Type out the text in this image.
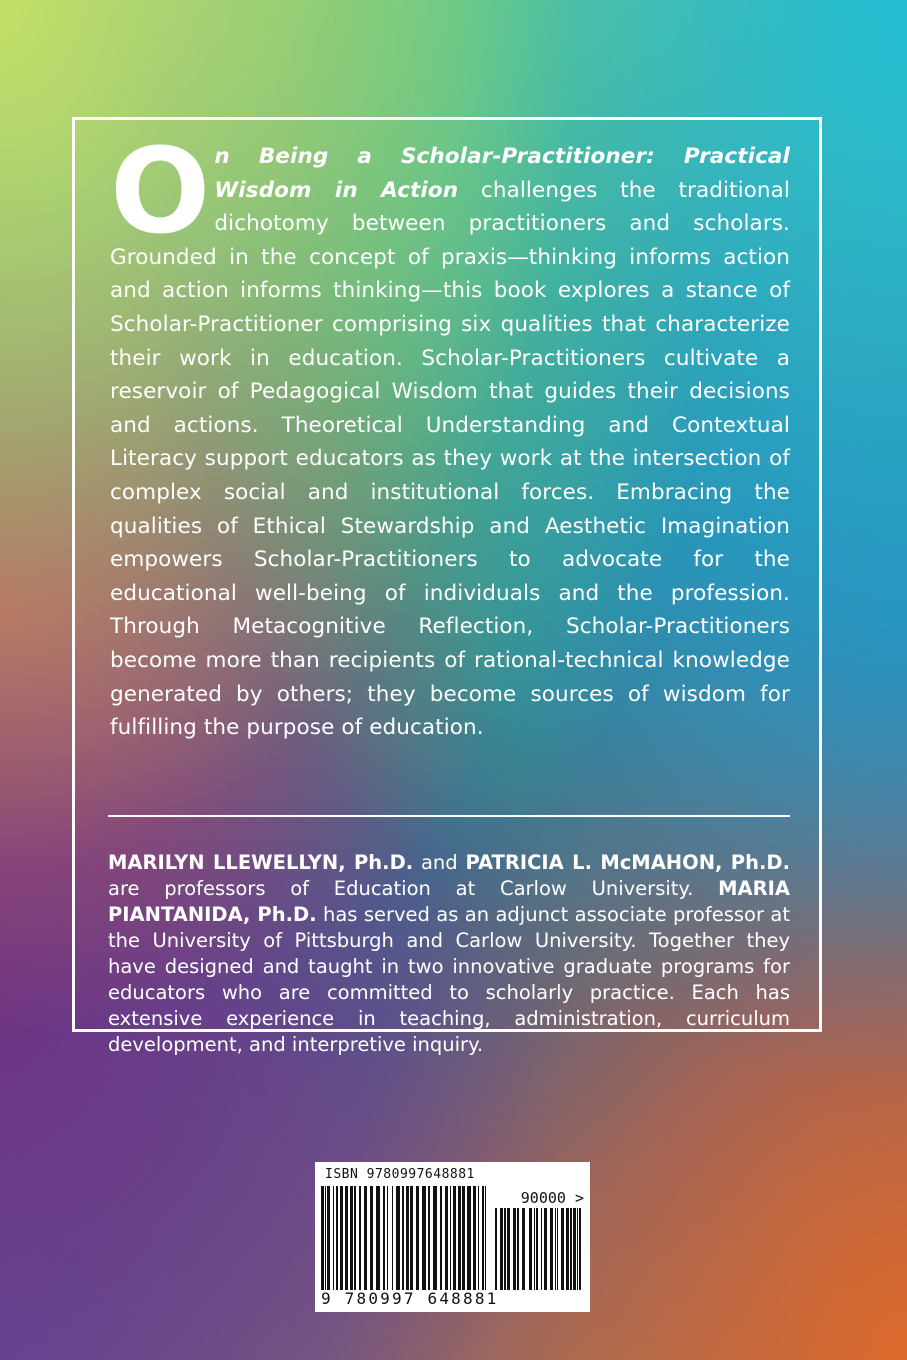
On Being a Scholar-Practitioner: Practical Wisdom in Action challenges the traditional dichotomy between practitioners and scholars. Grounded in the concept of praxis—thinking informs action and action informs thinking—this book explores a stance of Scholar-Practitioner comprising six qualities that characterize their work in education. Scholar-Practitioners cultivate a reservoir of Pedagogical Wisdom that guides their decisions and actions. Theoretical Understanding and Contextual Literacy support educators as they work at the intersection of complex social and institutional forces. Embracing the qualities of Ethical Stewardship and Aesthetic Imagination empowers Scholar-Practitioners to advocate for the educational well-being of individuals and the profession. Through Metacognitive Reflection, Scholar-Practitioners become more than recipients of rational-technical knowledge generated by others; they become sources of wisdom for fulfilling the purpose of education.

MARILYN LLEWELLYN, Ph.D. and PATRICIA L. McMAHON, Ph.D. are professors of Education at Carlow University. MARIA PIANTANIDA, Ph.D. has served as an adjunct associate professor at the University of Pittsburgh and Carlow University. Together they have designed and taught in two innovative graduate programs for educators who are committed to scholarly practice. Each has extensive experience in teaching, administration, curriculum development, and interpretive inquiry.

ISBN 9780997648881
90000 >
9 780997 648881
